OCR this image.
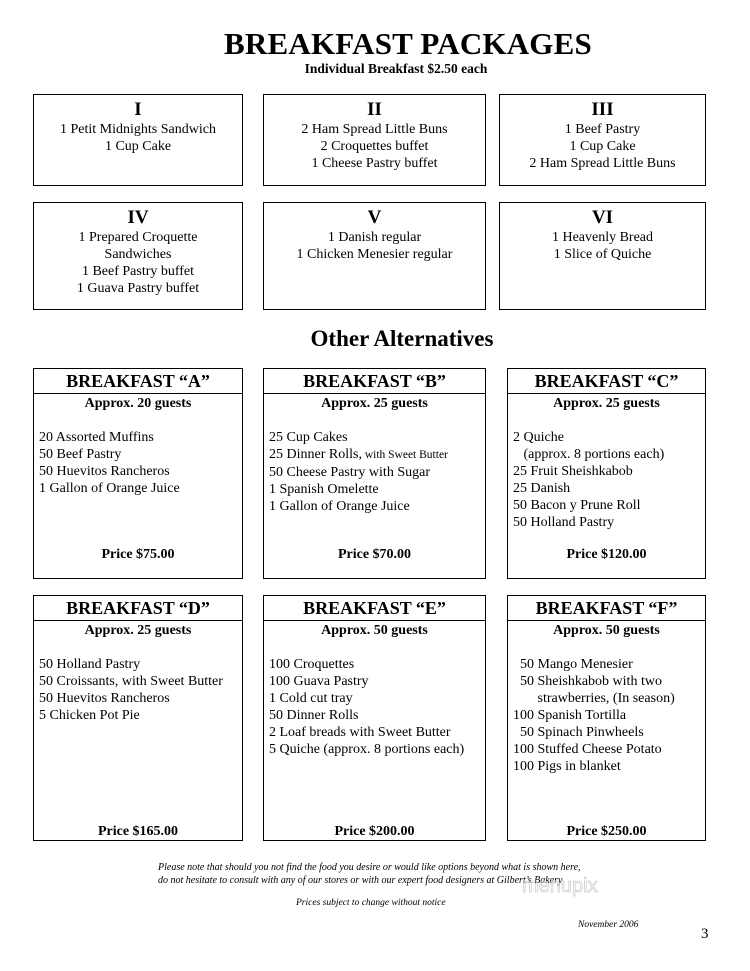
BREAKFAST PACKAGES
Individual Breakfast $2.50 each
I
1 Petit Midnights Sandwich
1 Cup Cake
II
2 Ham Spread Little Buns
2 Croquettes buffet
1 Cheese Pastry buffet
III
1 Beef Pastry
1 Cup Cake
2 Ham Spread Little Buns
IV
1 Prepared Croquette
Sandwiches
1 Beef Pastry buffet
1 Guava Pastry buffet
V
1 Danish regular
1 Chicken Menesier regular
VI
1 Heavenly Bread
1 Slice of Quiche
Other Alternatives
BREAKFAST “A”
Approx. 20 guests
20 Assorted Muffins
50 Beef Pastry
50 Huevitos Rancheros
1 Gallon of Orange Juice
Price $75.00
BREAKFAST “B”
Approx. 25 guests
25 Cup Cakes
25 Dinner Rolls, with Sweet Butter
50 Cheese Pastry with Sugar
1 Spanish Omelette
1 Gallon of Orange Juice
Price $70.00
BREAKFAST “C”
Approx. 25 guests
2 Quiche
(approx. 8 portions each)
25 Fruit Sheishkabob
25 Danish
50 Bacon y Prune Roll
50 Holland Pastry
Price $120.00
BREAKFAST “D”
Approx. 25 guests
50 Holland Pastry
50 Croissants, with Sweet Butter
50 Huevitos Rancheros
5 Chicken Pot Pie
Price $165.00
BREAKFAST “E”
Approx. 50 guests
100 Croquettes
100 Guava Pastry
1 Cold cut tray
50 Dinner Rolls
2 Loaf breads with Sweet Butter
5 Quiche (approx. 8 portions each)
Price $200.00
BREAKFAST “F”
Approx. 50 guests
50 Mango Menesier
50 Sheishkabob with two
strawberries, (In season)
100 Spanish Tortilla
50 Spinach Pinwheels
100 Stuffed Cheese Potato
100 Pigs in blanket
Price $250.00
Please note that should you not find the food you desire or would like options beyond what is shown here,
do not hesitate to consult with any of our stores or with our expert food designers at Gilbert’s Bakery
Prices subject to change without notice
November 2006
3
menupix
